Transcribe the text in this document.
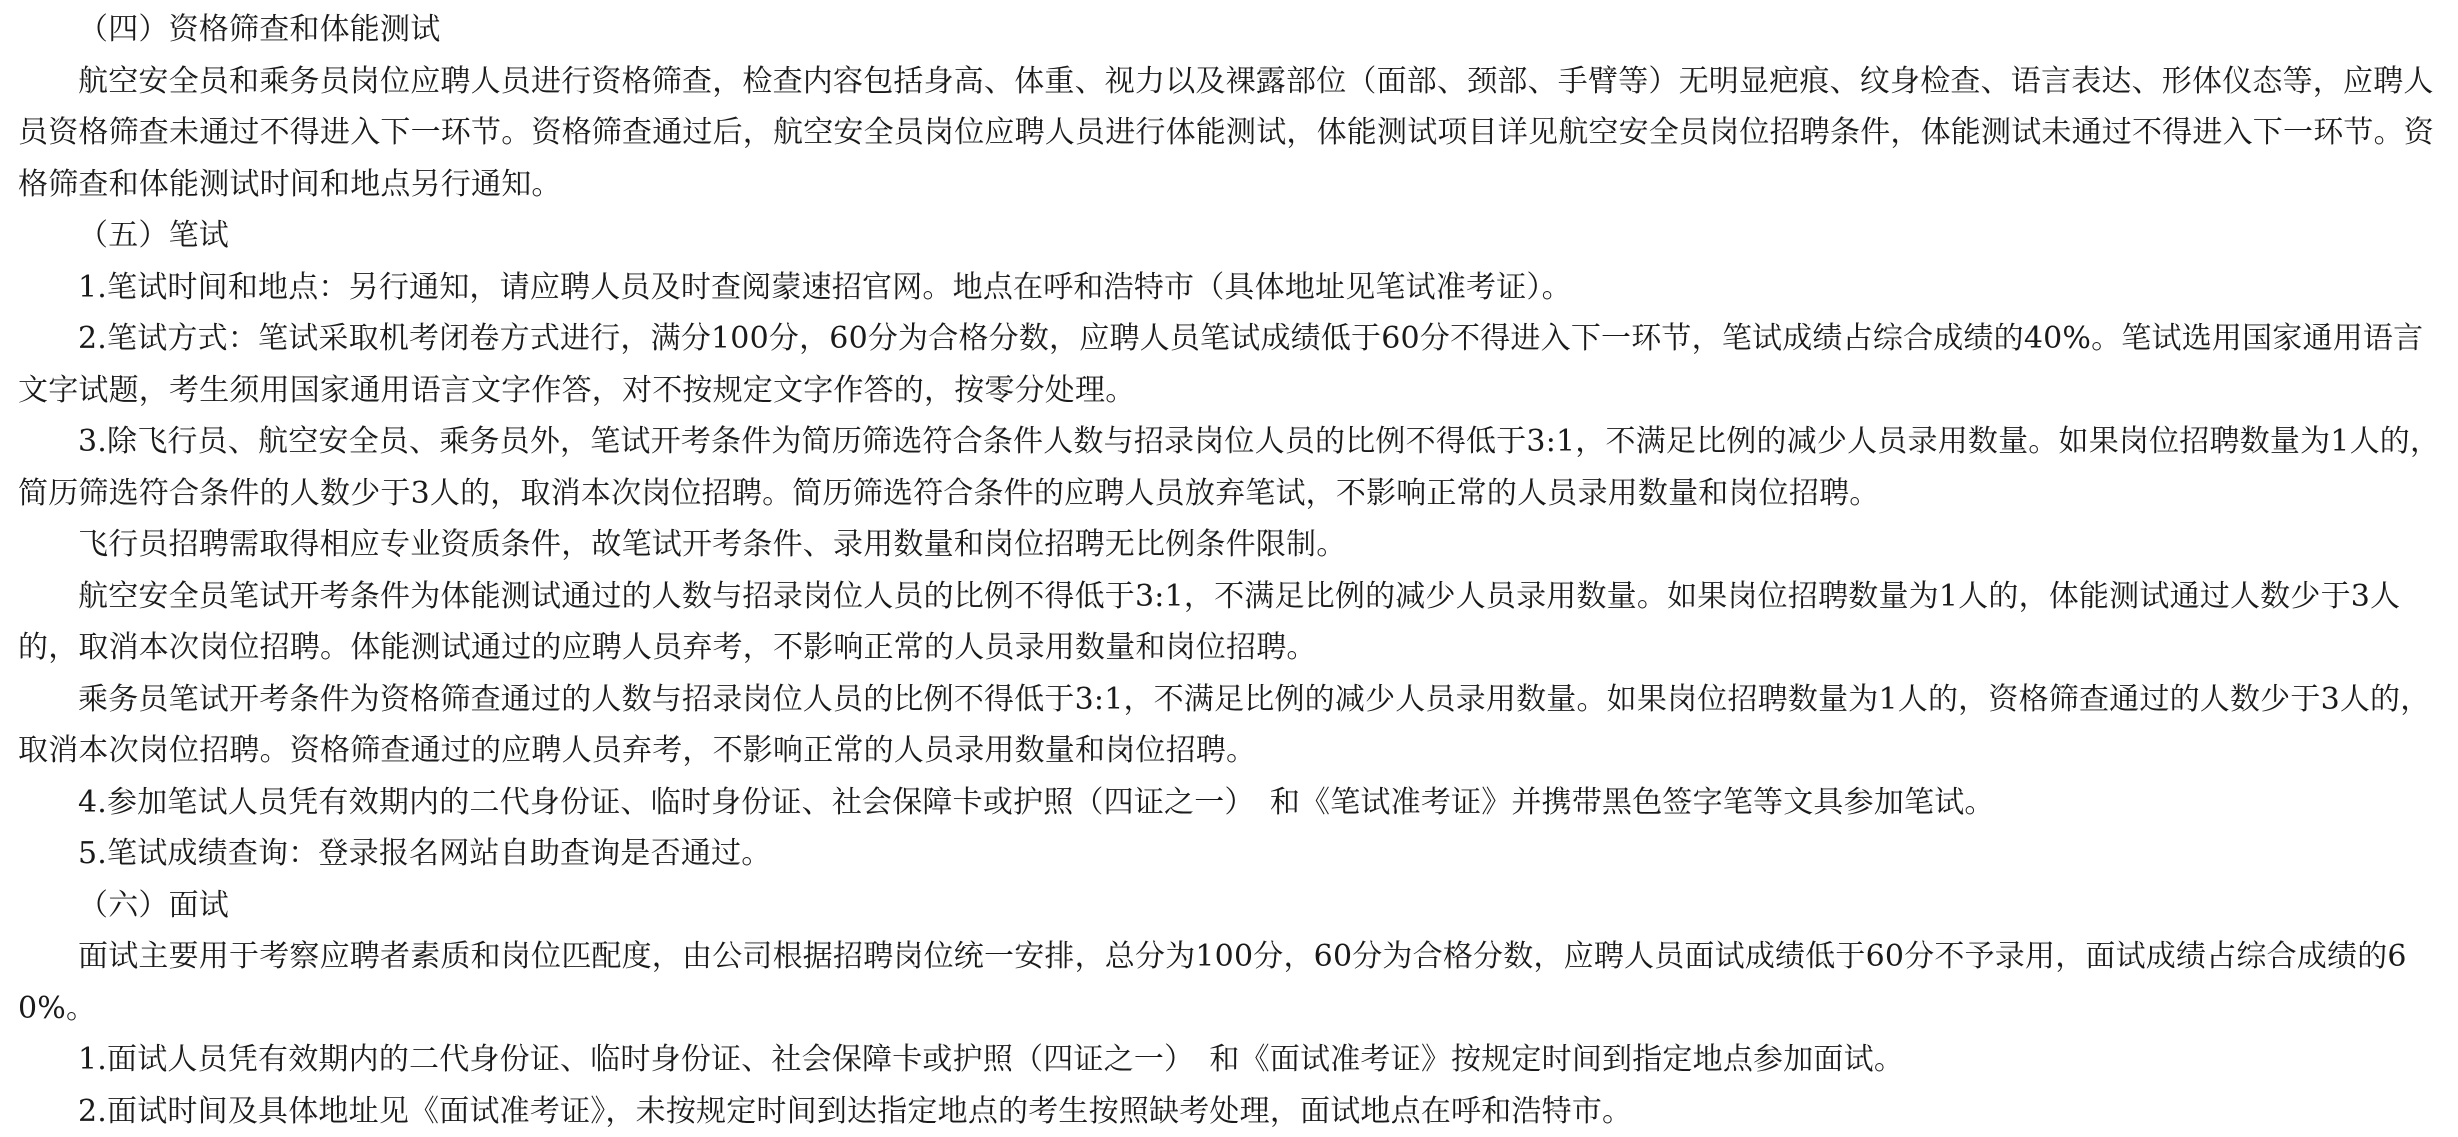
（四）资格筛查和体能测试

航空安全员和乘务员岗位应聘人员进行资格筛查，检查内容包括身高、体重、视力以及裸露部位（面部、颈部、手臂等）无明显疤痕、纹身检查、语言表达、形体仪态等，应聘人员资格筛查未通过不得进入下一环节。资格筛查通过后，航空安全员岗位应聘人员进行体能测试，体能测试项目详见航空安全员岗位招聘条件，体能测试未通过不得进入下一环节。资格筛查和体能测试时间和地点另行通知。

（五）笔试

1.笔试时间和地点：另行通知，请应聘人员及时查阅蒙速招官网。地点在呼和浩特市（具体地址见笔试准考证）。

2.笔试方式：笔试采取机考闭卷方式进行，满分100分，60分为合格分数，应聘人员笔试成绩低于60分不得进入下一环节，笔试成绩占综合成绩的40%。笔试选用国家通用语言文字试题，考生须用国家通用语言文字作答，对不按规定文字作答的，按零分处理。

3.除飞行员、航空安全员、乘务员外，笔试开考条件为简历筛选符合条件人数与招录岗位人员的比例不得低于3:1，不满足比例的减少人员录用数量。如果岗位招聘数量为1人的，简历筛选符合条件的人数少于3人的，取消本次岗位招聘。简历筛选符合条件的应聘人员放弃笔试，不影响正常的人员录用数量和岗位招聘。

飞行员招聘需取得相应专业资质条件，故笔试开考条件、录用数量和岗位招聘无比例条件限制。

航空安全员笔试开考条件为体能测试通过的人数与招录岗位人员的比例不得低于3:1，不满足比例的减少人员录用数量。如果岗位招聘数量为1人的，体能测试通过人数少于3人的，取消本次岗位招聘。体能测试通过的应聘人员弃考，不影响正常的人员录用数量和岗位招聘。

乘务员笔试开考条件为资格筛查通过的人数与招录岗位人员的比例不得低于3:1，不满足比例的减少人员录用数量。如果岗位招聘数量为1人的，资格筛查通过的人数少于3人的，取消本次岗位招聘。资格筛查通过的应聘人员弃考，不影响正常的人员录用数量和岗位招聘。

4.参加笔试人员凭有效期内的二代身份证、临时身份证、社会保障卡或护照（四证之一）　和《笔试准考证》并携带黑色签字笔等文具参加笔试。

5.笔试成绩查询：登录报名网站自助查询是否通过。

（六）面试

面试主要用于考察应聘者素质和岗位匹配度，由公司根据招聘岗位统一安排，总分为100分，60分为合格分数，应聘人员面试成绩低于60分不予录用，面试成绩占综合成绩的60%。

1.面试人员凭有效期内的二代身份证、临时身份证、社会保障卡或护照（四证之一）　和《面试准考证》按规定时间到指定地点参加面试。

2.面试时间及具体地址见《面试准考证》，未按规定时间到达指定地点的考生按照缺考处理，面试地点在呼和浩特市。
